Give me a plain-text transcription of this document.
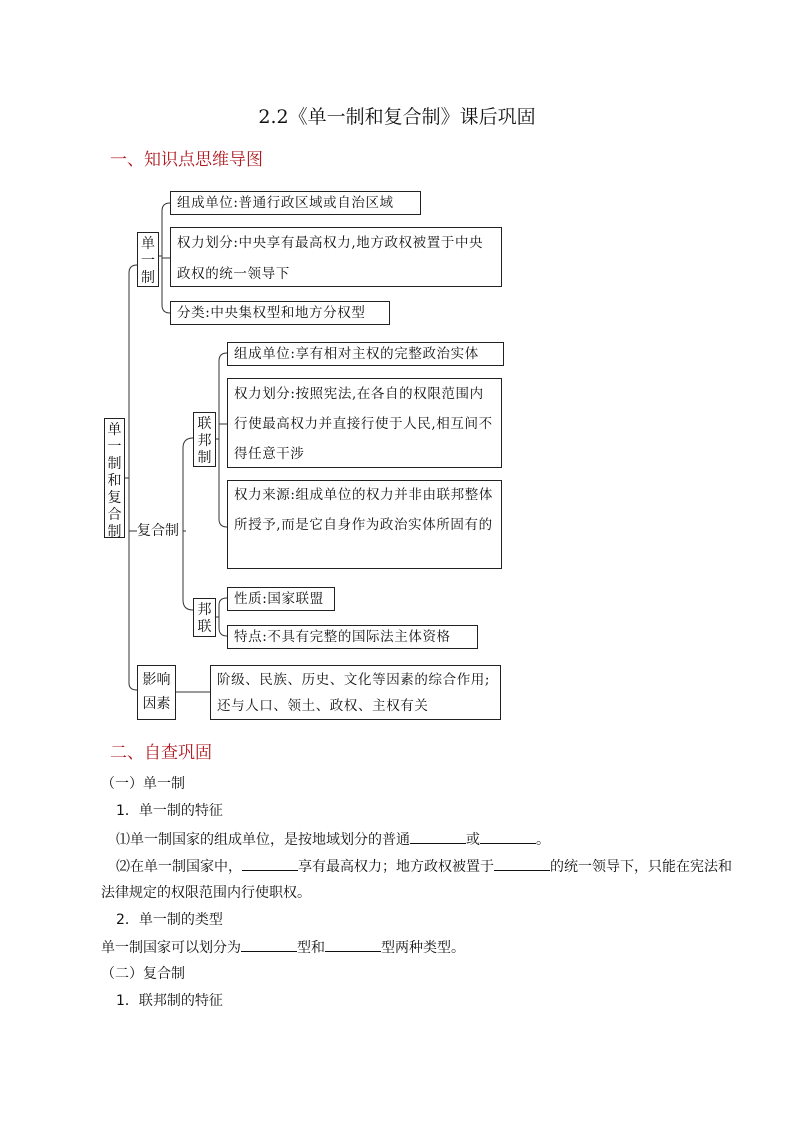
2.2《单一制和复合制》课后巩固
一、知识点思维导图
单
一
制
和
复
合
制
单
一
制
组成单位:普通行政区域或自治区域
权力划分:中央享有最高权力,地方政权被置于中央政权的统一领导下
分类:中央集权型和地方分权型
复合制
联
邦
制
组成单位:享有相对主权的完整政治实体
权力划分:按照宪法,在各自的权限范围内行使最高权力并直接行使于人民,相互间不得任意干涉
权力来源:组成单位的权力并非由联邦整体所授予,而是它自身作为政治实体所固有的
邦
联
性质:国家联盟
特点:不具有完整的国际法主体资格
影响
因素
阶级、民族、历史、文化等因素的综合作用;还与人口、领土、政权、主权有关
二、自查巩固
（一）单一制
1．单一制的特征
⑴单一制国家的组成单位，是按地域划分的普通	或	。
⑵在单一制国家中，	享有最高权力；地方政权被置于	的统一领导下，只能在宪法和
法律规定的权限范围内行使职权。
2．单一制的类型
单一制国家可以划分为	型和	型两种类型。
（二）复合制
1．联邦制的特征
